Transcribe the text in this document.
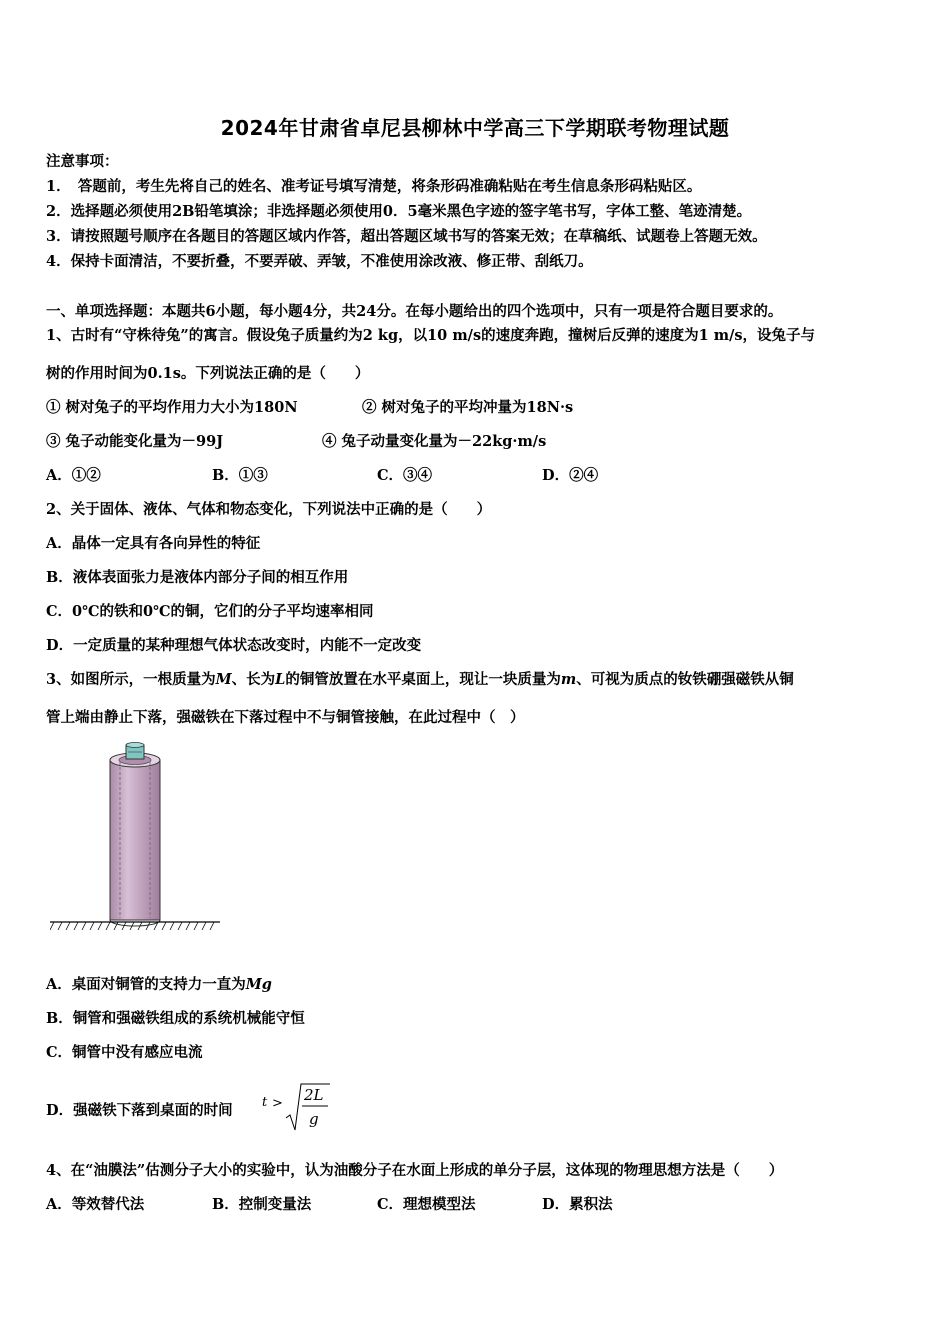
2024年甘肃省卓尼县柳林中学高三下学期联考物理试题
注意事项：
1．　答题前，考生先将自己的姓名、准考证号填写清楚，将条形码准确粘贴在考生信息条形码粘贴区。
2．选择题必须使用2B铅笔填涂；非选择题必须使用0．5毫米黑色字迹的签字笔书写，字体工整、笔迹清楚。
3．请按照题号顺序在各题目的答题区域内作答，超出答题区域书写的答案无效；在草稿纸、试题卷上答题无效。
4．保持卡面清洁，不要折叠，不要弄破、弄皱，不准使用涂改液、修正带、刮纸刀。
一、单项选择题：本题共6小题，每小题4分，共24分。在每小题给出的四个选项中，只有一项是符合题目要求的。
1、古时有“守株待兔”的寓言。假设兔子质量约为2 kg，以10 m/s的速度奔跑，撞树后反弹的速度为1 m/s，设兔子与
树的作用时间为0.1s。下列说法正确的是（　　）
① 树对兔子的平均作用力大小为180N	② 树对兔子的平均冲量为18N·s
③ 兔子动能变化量为－99J	④ 兔子动量变化量为－22kg·m/s
A．①②	B．①③	C．③④	D．②④
2、关于固体、液体、气体和物态变化，下列说法中正确的是（　　）
A．晶体一定具有各向异性的特征
B．液体表面张力是液体内部分子间的相互作用
C．0℃的铁和0℃的铜，它们的分子平均速率相同
D．一定质量的某种理想气体状态改变时，内能不一定改变
3、如图所示，一根质量为M、长为L的铜管放置在水平桌面上，现让一块质量为m、可视为质点的钕铁硼强磁铁从铜
管上端由静止下落，强磁铁在下落过程中不与铜管接触，在此过程中（　）
A．桌面对铜管的支持力一直为Mg
B．铜管和强磁铁组成的系统机械能守恒
C．铜管中没有感应电流
D．强磁铁下落到桌面的时间 t > 2L
g
4、在“油膜法”估测分子大小的实验中，认为油酸分子在水面上形成的单分子层，这体现的物理思想方法是（　　）
A．等效替代法	B．控制变量法	C．理想模型法	D．累积法
